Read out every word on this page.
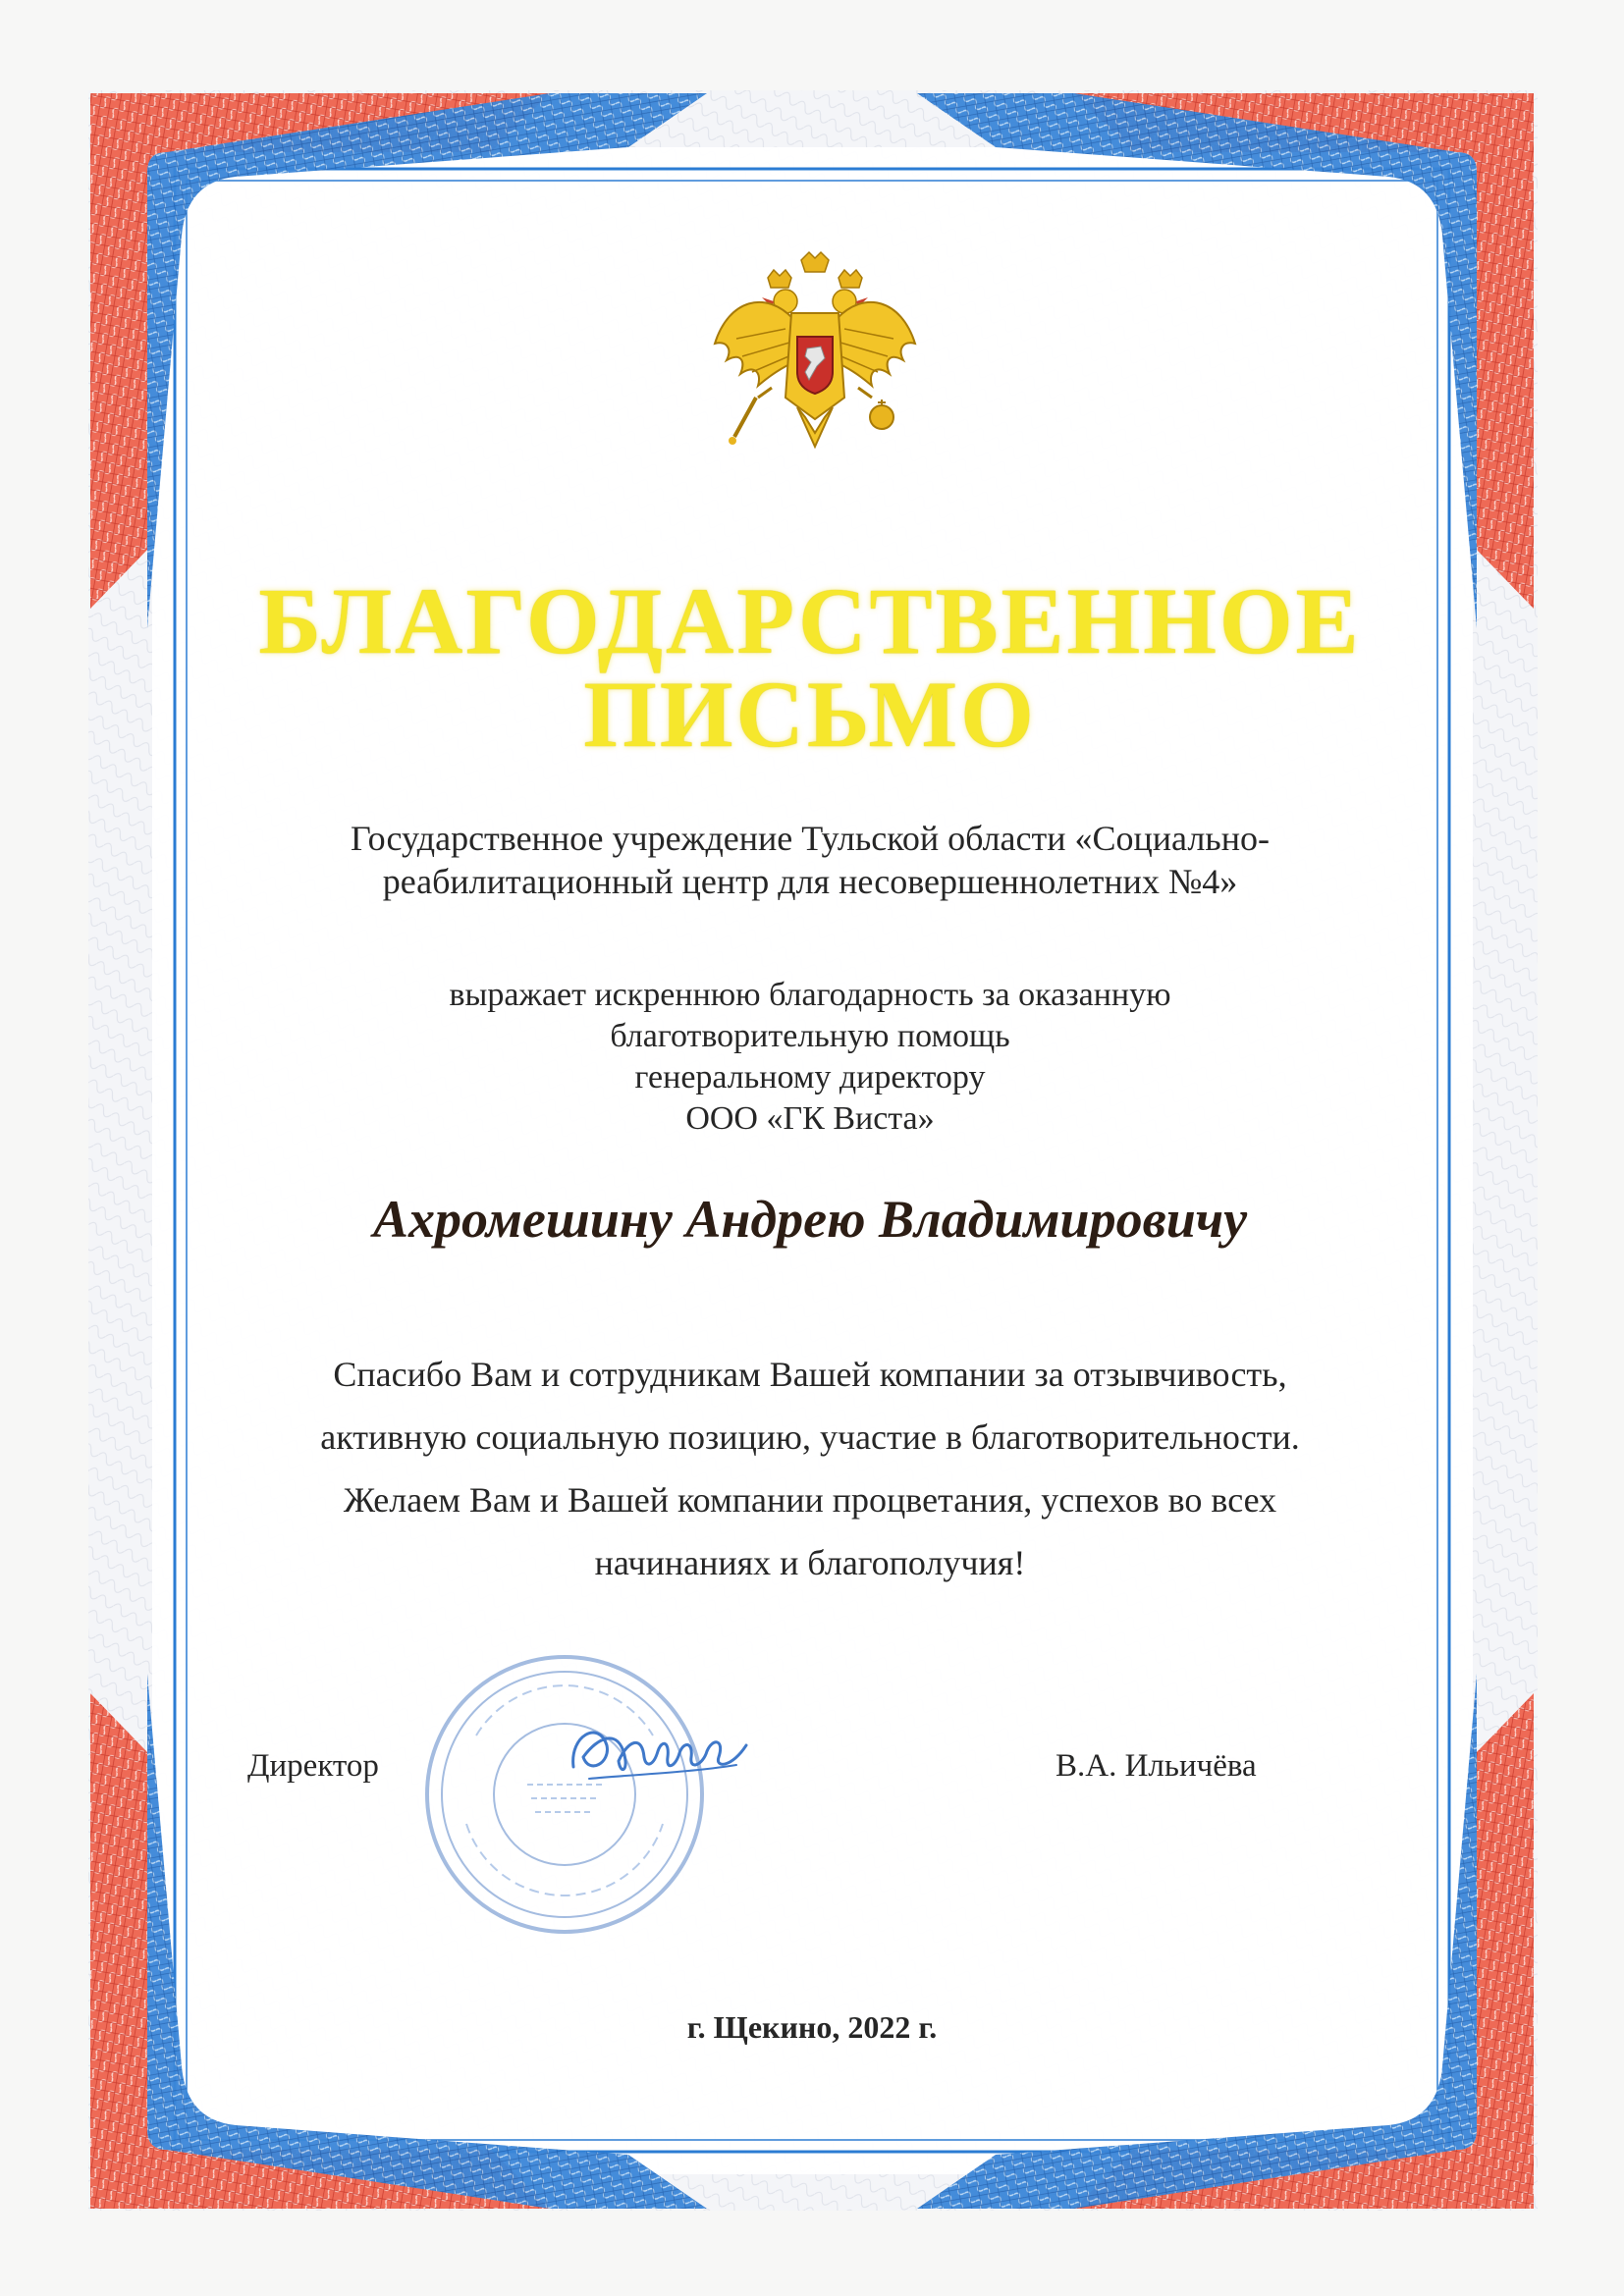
БЛАГОДАРСТВЕННОЕ
ПИСЬМО
Государственное учреждение Тульской области «Социально-
реабилитационный центр для несовершеннолетних №4»
выражает искреннюю благодарность за оказанную
благотворительную помощь
генеральному директору
ООО «ГК Виста»
Ахромешину Андрею Владимировичу
Спасибо Вам и сотрудникам Вашей компании за отзывчивость,
активную социальную позицию, участие в благотворительности.
Желаем Вам и Вашей компании процветания, успехов во всех
начинаниях и благополучия!
Директор	В.А. Ильичёва
г. Щекино, 2022 г.
